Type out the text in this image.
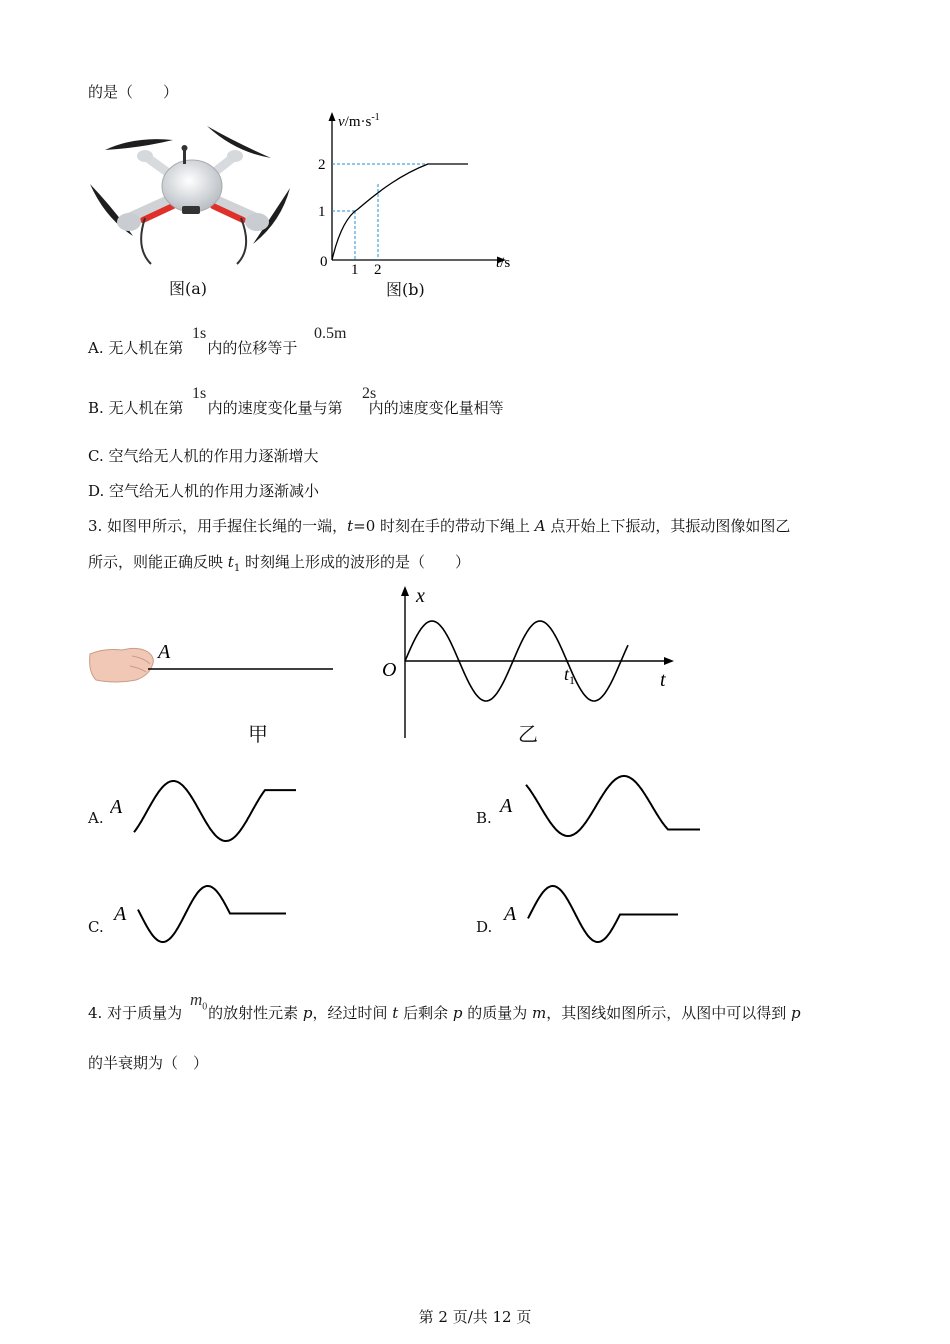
的是（　　）
图(a)
$v/m\cdot s^{-1}$
2
1
0 1 2	t/s
图(b)
A. 无人机在第 内的位移等于
1s	0.5m
B. 无人机在第 内的速度变化量与第 内的速度变化量相等
1s	2s
C. 空气给无人机的作用力逐渐增大
D. 空气给无人机的作用力逐渐减小
3. 如图甲所示，用手握住长绳的一端，t=0 时刻在手的带动下绳上 A 点开始上下振动，其振动图像如图乙
所示，则能正确反映 $t_1$ 时刻绳上形成的波形的是（　　）
A
甲
x
O	t
$t_1$
乙
A. A	B.
A
C.
A
D.
A
4. 对于质量为 的放射性元素 p，经过时间 t 后剩余 p 的质量为 m，其图线如图所示，从图中可以得到 p
$m_0$
的半衰期为（　）
第 2 页/共 12 页
